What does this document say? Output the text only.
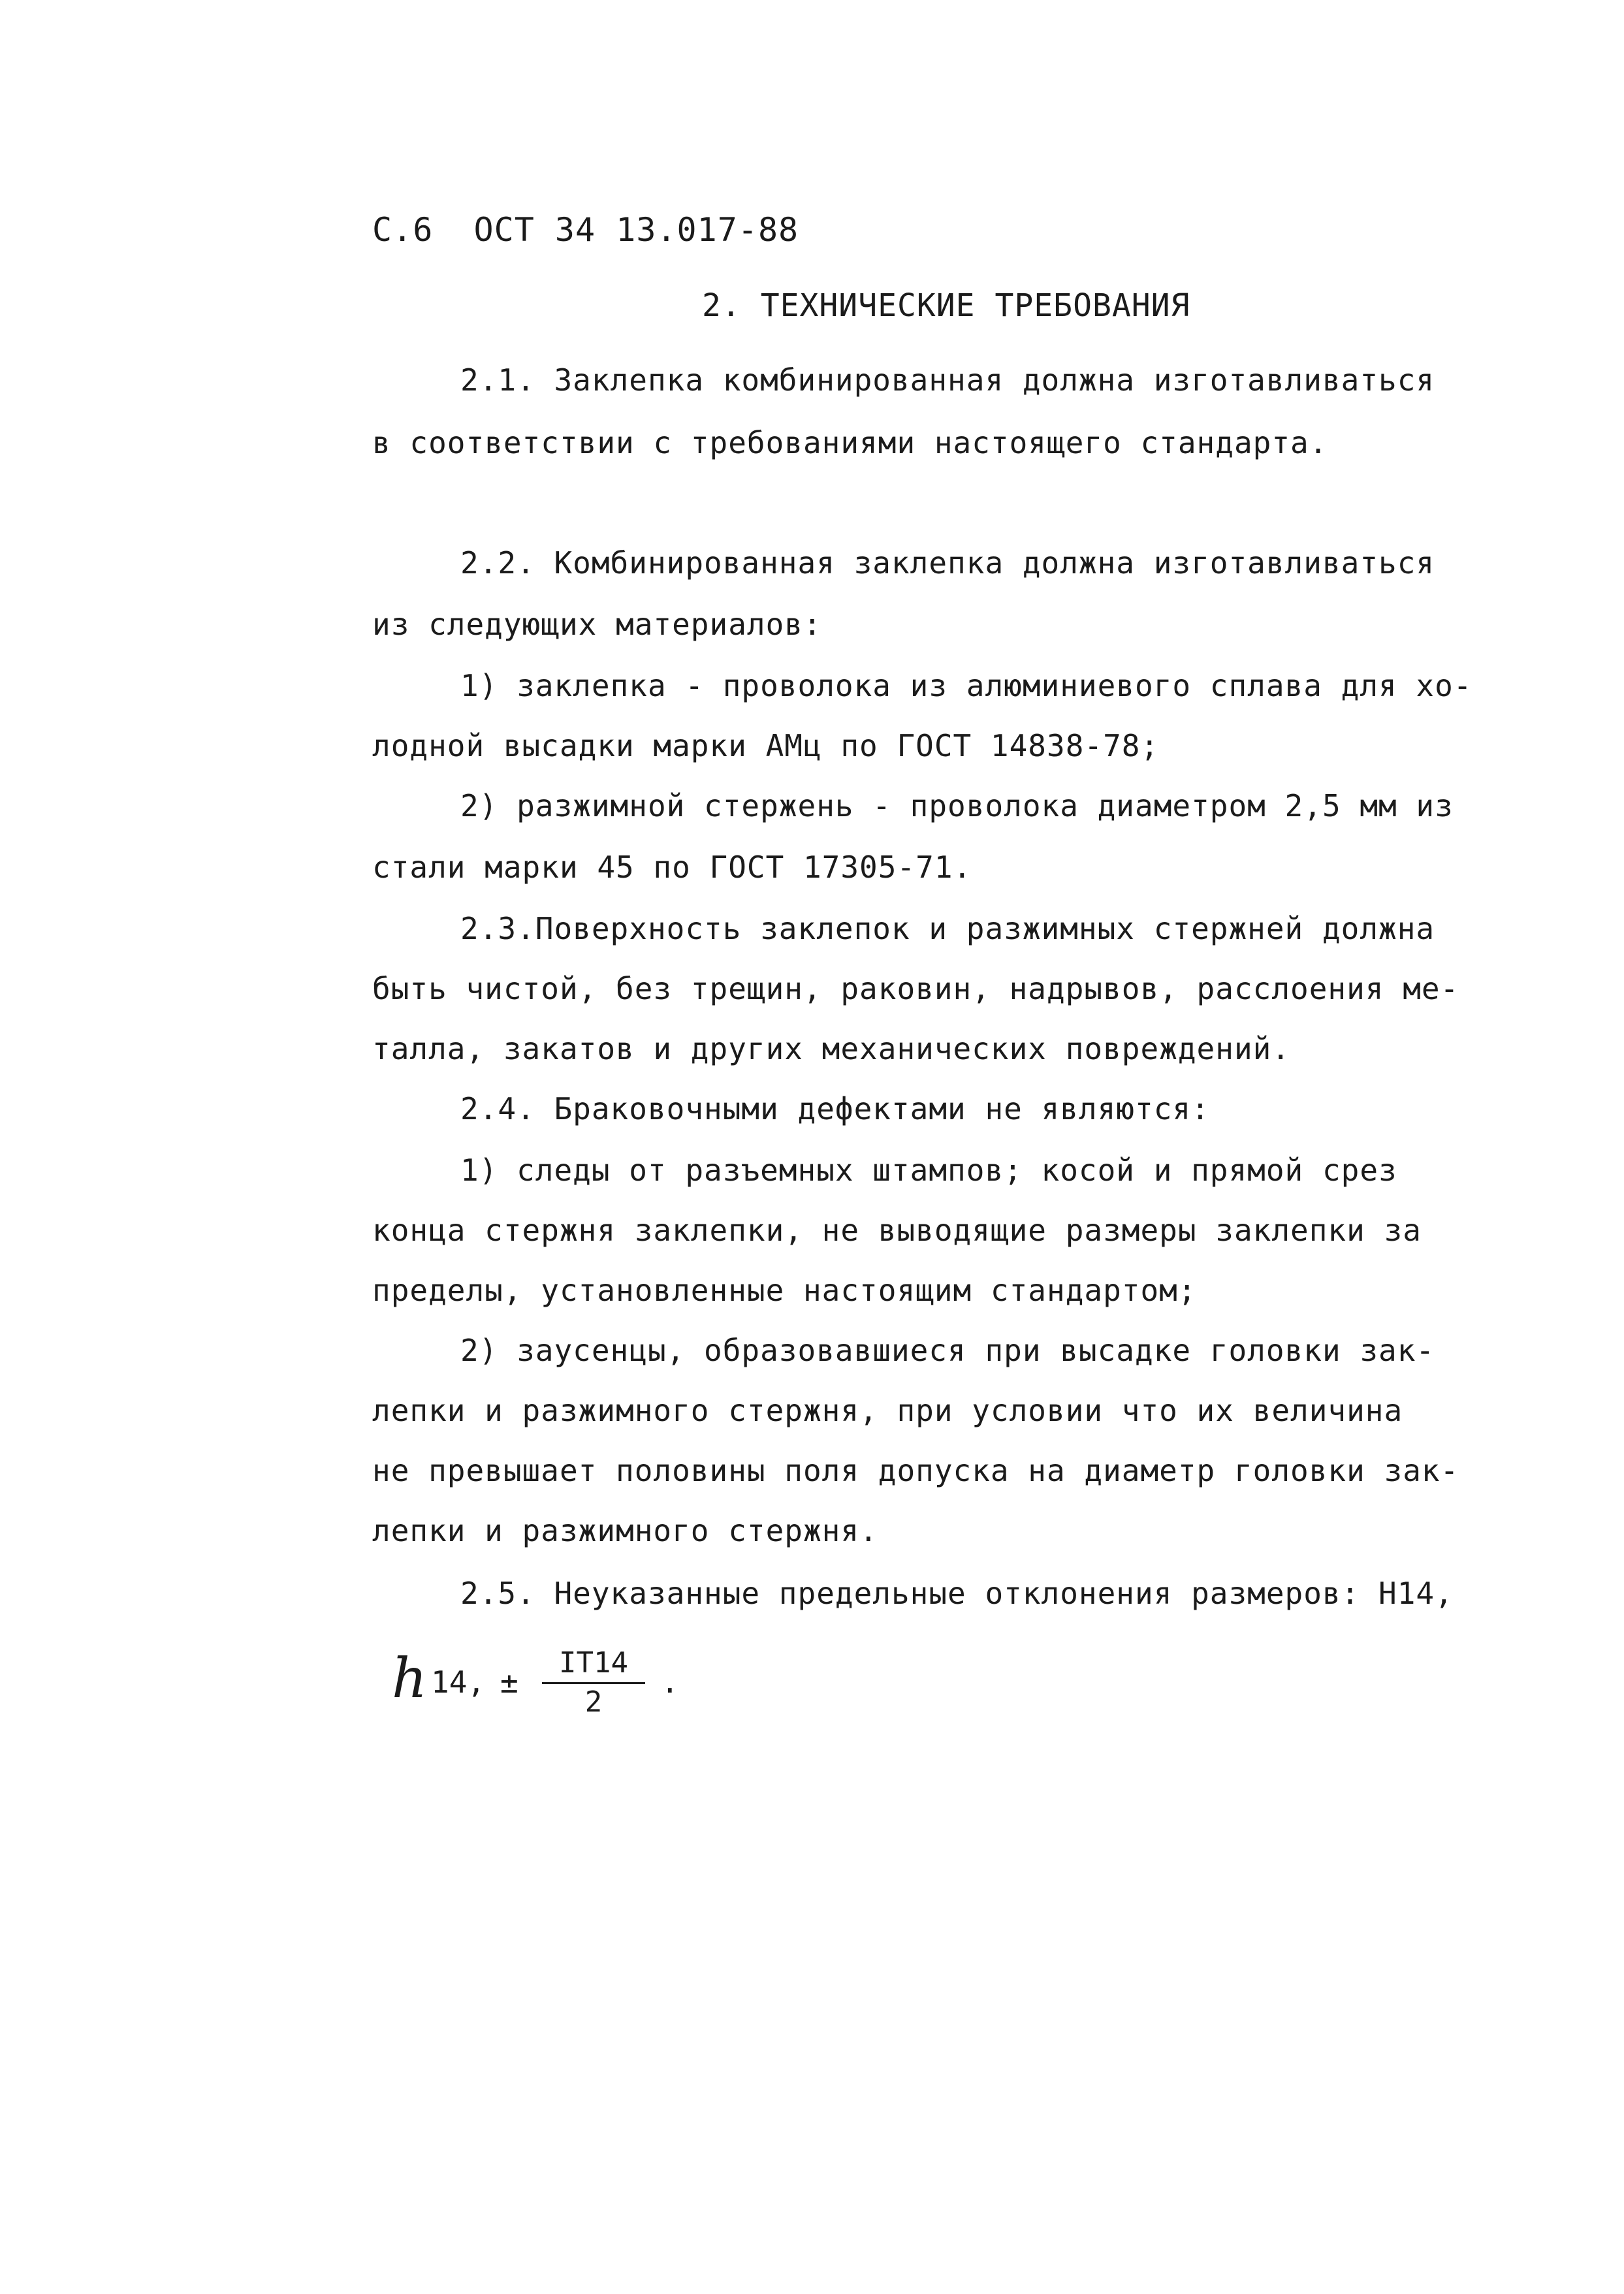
С.6  ОСТ 34 13.017-88
2. ТЕХНИЧЕСКИЕ ТРЕБОВАНИЯ
2.1. Заклепка комбинированная должна изготавливаться
в соответствии с требованиями настоящего стандарта.
2.2. Комбинированная заклепка должна изготавливаться
из следующих материалов:
1) заклепка - проволока из алюминиевого сплава для хо-
лодной высадки марки АМц по ГОСТ 14838-78;
2) разжимной стержень - проволока диаметром 2,5 мм из
стали марки 45 по ГОСТ 17305-71.
2.3.Поверхность заклепок и разжимных стержней должна
быть чистой, без трещин, раковин, надрывов, расслоения ме-
талла, закатов и других механических повреждений.
2.4. Браковочными дефектами не являются:
1) следы от разъемных штампов; косой и прямой срез
конца стержня заклепки, не выводящие размеры заклепки за
пределы, установленные настоящим стандартом;
2) заусенцы, образовавшиеся при высадке головки зак-
лепки и разжимного стержня, при условии что их величина
не превышает половины поля допуска на диаметр головки зак-
лепки и разжимного стержня.
2.5. Неуказанные предельные отклонения размеров: H14,
h 14, ±
IT14
2
.
